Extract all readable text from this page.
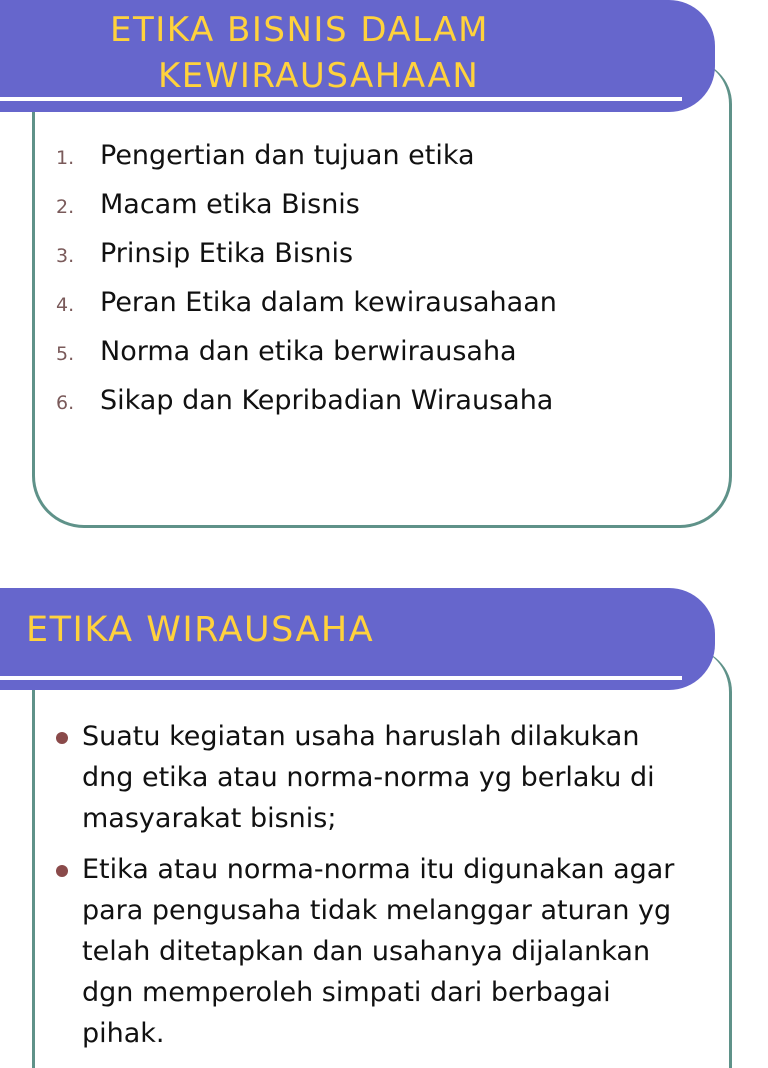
ETIKA BISNIS DALAM
KEWIRAUSAHAAN
1. Pengertian dan tujuan etika
2. Macam etika Bisnis
3. Prinsip Etika Bisnis
4. Peran Etika dalam kewirausahaan
5. Norma dan etika berwirausaha
6. Sikap dan Kepribadian Wirausaha
ETIKA WIRAUSAHA
Suatu kegiatan usaha haruslah dilakukan dng etika atau norma-norma yg berlaku di masyarakat bisnis;
Etika atau norma-norma itu digunakan agar para pengusaha tidak melanggar aturan yg telah ditetapkan dan usahanya dijalankan dgn memperoleh simpati dari berbagai pihak.
